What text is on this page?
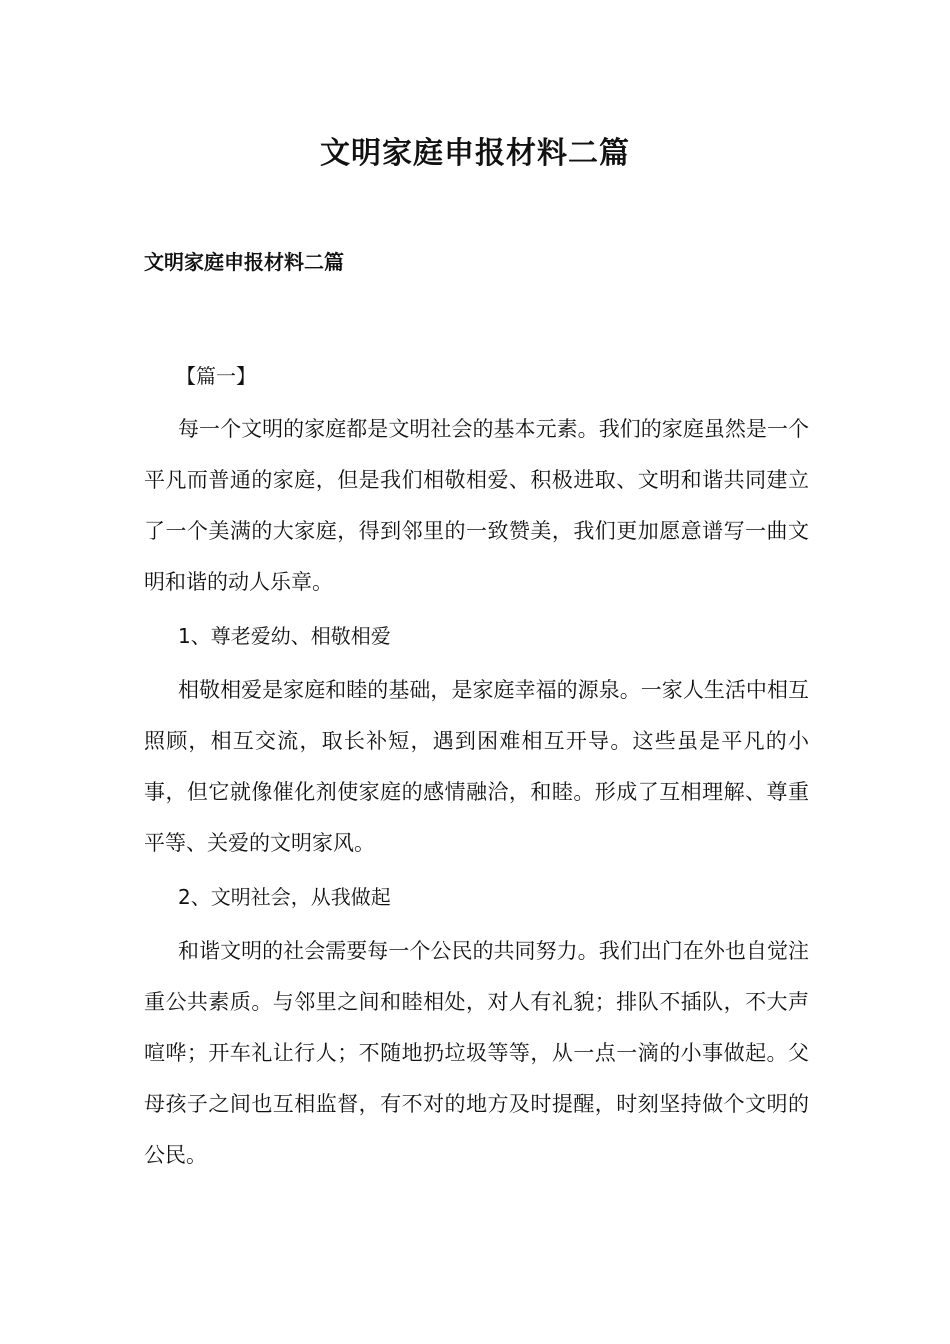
文明家庭申报材料二篇
文明家庭申报材料二篇
【篇一】

每一个文明的家庭都是文明社会的基本元素。我们的家庭虽然是一个平凡而普通的家庭，但是我们相敬相爱、积极进取、文明和谐共同建立了一个美满的大家庭，得到邻里的一致赞美，我们更加愿意谱写一曲文明和谐的动人乐章。

1、尊老爱幼、相敬相爱

相敬相爱是家庭和睦的基础，是家庭幸福的源泉。一家人生活中相互照顾，相互交流，取长补短，遇到困难相互开导。这些虽是平凡的小事，但它就像催化剂使家庭的感情融洽，和睦。形成了互相理解、尊重平等、关爱的文明家风。

2、文明社会，从我做起

和谐文明的社会需要每一个公民的共同努力。我们出门在外也自觉注重公共素质。与邻里之间和睦相处，对人有礼貌；排队不插队，不大声喧哗；开车礼让行人；不随地扔垃圾等等，从一点一滴的小事做起。父母孩子之间也互相监督，有不对的地方及时提醒，时刻坚持做个文明的公民。
